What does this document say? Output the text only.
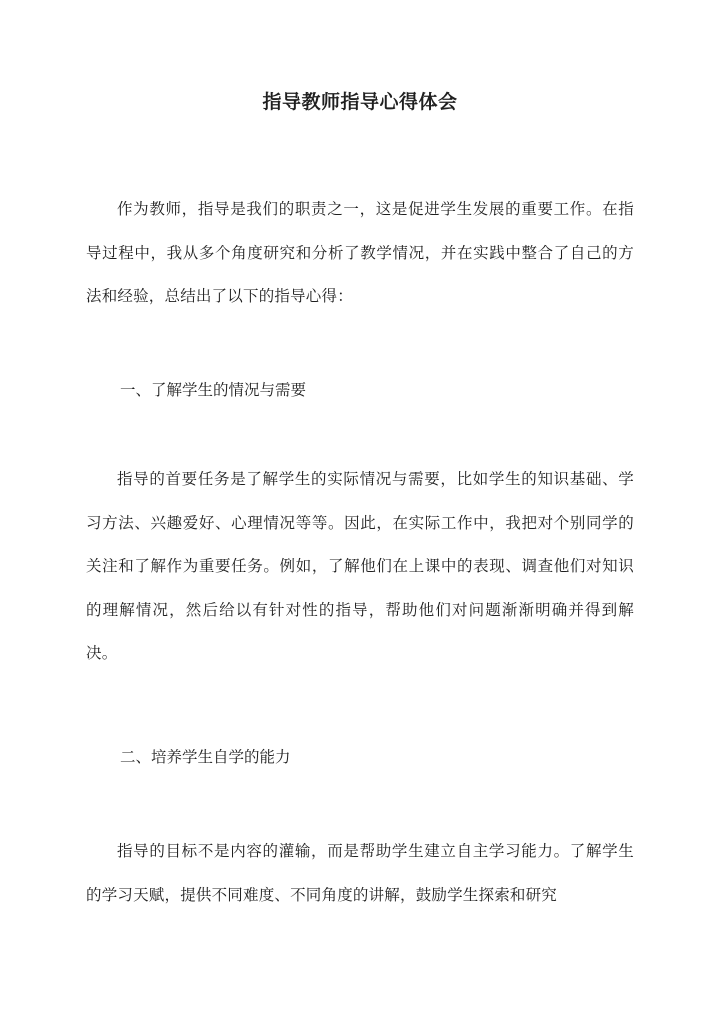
指导教师指导心得体会

作为教师，指导是我们的职责之一，这是促进学生发展的重要工作。在指导过程中，我从多个角度研究和分析了教学情况，并在实践中整合了自己的方法和经验，总结出了以下的指导心得：

一、了解学生的情况与需要

指导的首要任务是了解学生的实际情况与需要，比如学生的知识基础、学习方法、兴趣爱好、心理情况等等。因此，在实际工作中，我把对个别同学的关注和了解作为重要任务。例如，了解他们在上课中的表现、调查他们对知识的理解情况，然后给以有针对性的指导，帮助他们对问题渐渐明确并得到解决。

二、培养学生自学的能力

指导的目标不是内容的灌输，而是帮助学生建立自主学习能力。了解学生的学习天赋，提供不同难度、不同角度的讲解，鼓励学生探索和研究
